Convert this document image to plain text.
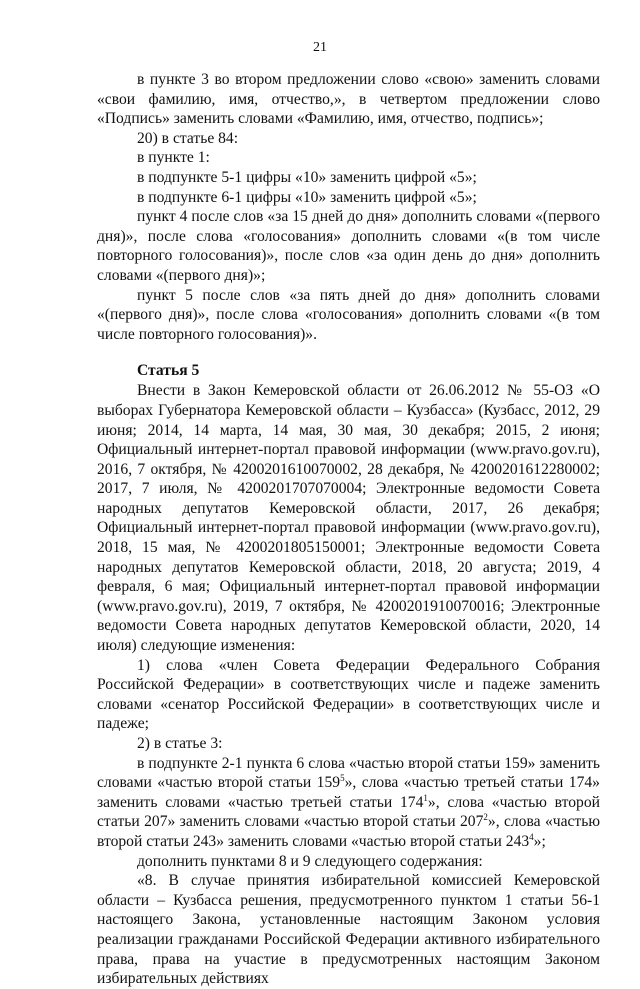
21

в пункте 3 во втором предложении слово «свою» заменить словами «свои фамилию, имя, отчество,», в четвертом предложении слово «Подпись» заменить словами «Фамилию, имя, отчество, подпись»;

20) в статье 84:

в пункте 1:

в подпункте 5-1 цифры «10» заменить цифрой «5»;

в подпункте 6-1 цифры «10» заменить цифрой «5»;

пункт 4 после слов «за 15 дней до дня» дополнить словами «(первого дня)», после слова «голосования» дополнить словами «(в том числе повторного голосования)», после слов «за один день до дня» дополнить словами «(первого дня)»;

пункт 5 после слов «за пять дней до дня» дополнить словами «(первого дня)», после слова «голосования» дополнить словами «(в том числе повторного голосования)».

Статья 5

Внести в Закон Кемеровской области от 26.06.2012 № 55-ОЗ «О выборах Губернатора Кемеровской области – Кузбасса» (Кузбасс, 2012, 29 июня; 2014, 14 марта, 14 мая, 30 мая, 30 декабря; 2015, 2 июня; Официальный интернет-портал правовой информации (www.pravo.gov.ru), 2016, 7 октября, № 4200201610070002, 28 декабря, № 4200201612280002; 2017, 7 июля, № 4200201707070004; Электронные ведомости Совета народных депутатов Кемеровской области, 2017, 26 декабря; Официальный интернет-портал правовой информации (www.pravo.gov.ru), 2018, 15 мая, № 4200201805150001; Электронные ведомости Совета народных депутатов Кемеровской области, 2018, 20 августа; 2019, 4 февраля, 6 мая; Официальный интернет-портал правовой информации (www.pravo.gov.ru), 2019, 7 октября, № 4200201910070016; Электронные ведомости Совета народных депутатов Кемеровской области, 2020, 14 июля) следующие изменения:

1) слова «член Совета Федерации Федерального Собрания Российской Федерации» в соответствующих числе и падеже заменить словами «сенатор Российской Федерации» в соответствующих числе и падеже;

2) в статье 3:

в подпункте 2-1 пункта 6 слова «частью второй статьи 159» заменить словами «частью второй статьи $159^5$», слова «частью третьей статьи 174» заменить словами «частью третьей статьи $174^1$», слова «частью второй статьи 207» заменить словами «частью второй статьи $207^2$», слова «частью второй статьи 243» заменить словами «частью второй статьи $243^4$»;

дополнить пунктами 8 и 9 следующего содержания:

«8. В случае принятия избирательной комиссией Кемеровской области – Кузбасса решения, предусмотренного пунктом 1 статьи 56-1 настоящего Закона, установленные настоящим Законом условия реализации гражданами Российской Федерации активного избирательного права, права на участие в предусмотренных настоящим Законом избирательных действиях
